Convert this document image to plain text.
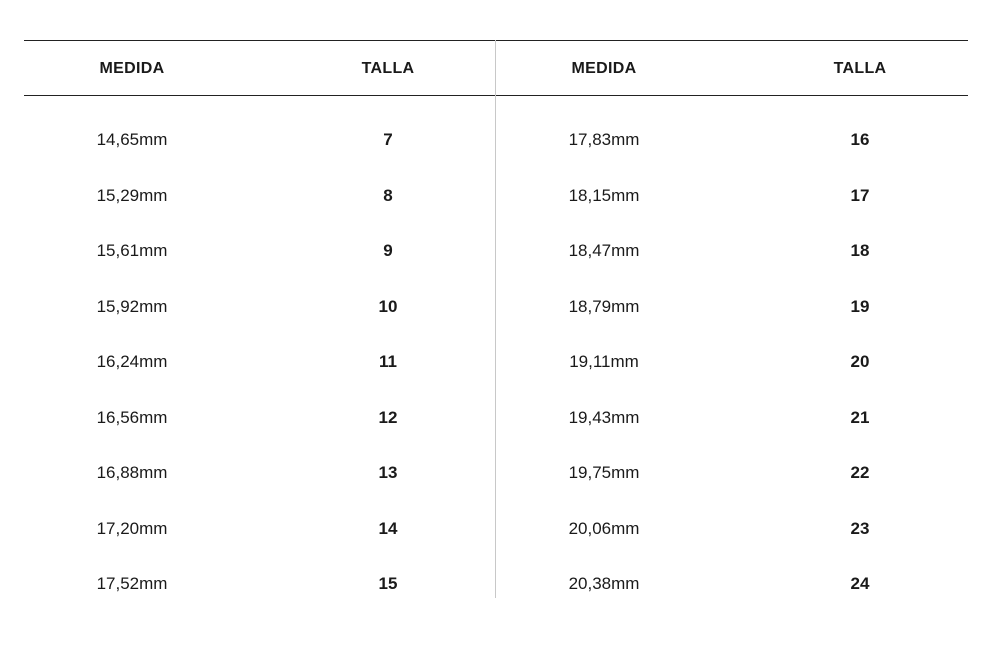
MEDIDA	TALLA
14,65mm	7
15,29mm	8
15,61mm	9
15,92mm	10
16,24mm	11
16,56mm	12
16,88mm	13
17,20mm	14
17,52mm	15
MEDIDA	TALLA
17,83mm	16
18,15mm	17
18,47mm	18
18,79mm	19
19,11mm	20
19,43mm	21
19,75mm	22
20,06mm	23
20,38mm	24
